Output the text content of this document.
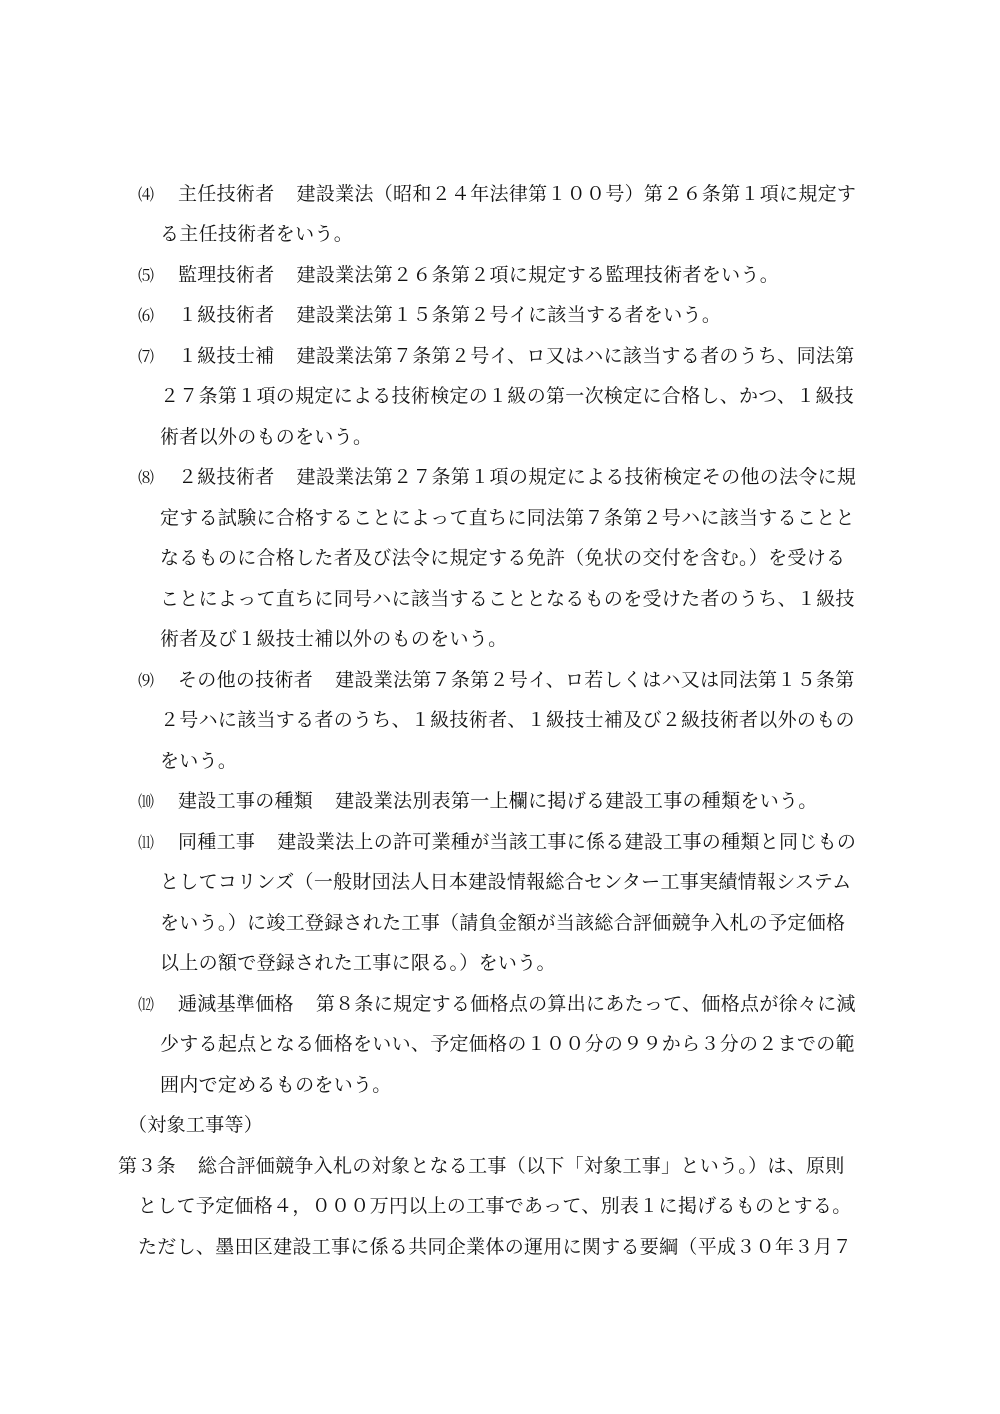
⑷ 主任技術者 建設業法（昭和２４年法律第１００号）第２６条第１項に規定す
る主任技術者をいう。
⑸ 監理技術者 建設業法第２６条第２項に規定する監理技術者をいう。
⑹ １級技術者 建設業法第１５条第２号イに該当する者をいう。
⑺ １級技士補 建設業法第７条第２号イ、ロ又はハに該当する者のうち、同法第
２７条第１項の規定による技術検定の１級の第一次検定に合格し、かつ、１級技
術者以外のものをいう。
⑻ ２級技術者 建設業法第２７条第１項の規定による技術検定その他の法令に規
定する試験に合格することによって直ちに同法第７条第２号ハに該当することと
なるものに合格した者及び法令に規定する免許（免状の交付を含む。）を受ける
ことによって直ちに同号ハに該当することとなるものを受けた者のうち、１級技
術者及び１級技士補以外のものをいう。
⑼ その他の技術者 建設業法第７条第２号イ、ロ若しくはハ又は同法第１５条第
２号ハに該当する者のうち、１級技術者、１級技士補及び２級技術者以外のもの
をいう。
⑽ 建設工事の種類 建設業法別表第一上欄に掲げる建設工事の種類をいう。
⑾ 同種工事 建設業法上の許可業種が当該工事に係る建設工事の種類と同じもの
としてコリンズ（一般財団法人日本建設情報総合センター工事実績情報システム
をいう。）に竣工登録された工事（請負金額が当該総合評価競争入札の予定価格
以上の額で登録された工事に限る。）をいう。
⑿ 逓減基準価格 第８条に規定する価格点の算出にあたって、価格点が徐々に減
少する起点となる価格をいい、予定価格の１００分の９９から３分の２までの範
囲内で定めるものをいう。
（対象工事等）
第３条 総合評価競争入札の対象となる工事（以下「対象工事」という。）は、原則
として予定価格４，０００万円以上の工事であって、別表１に掲げるものとする。
ただし、墨田区建設工事に係る共同企業体の運用に関する要綱（平成３０年３月７
